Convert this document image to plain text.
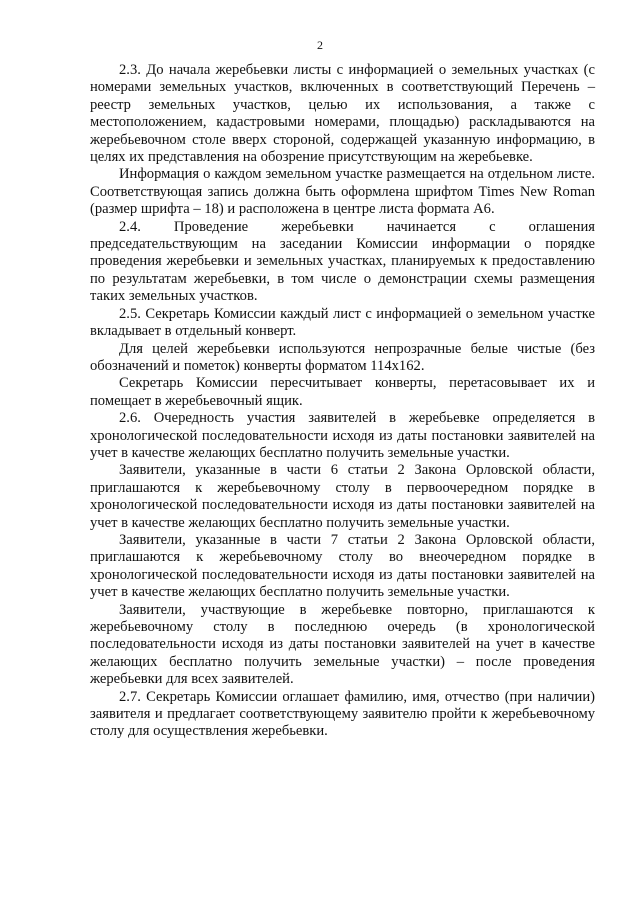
2

2.3. До начала жеребьевки листы с информацией о земельных участках (с номерами земельных участков, включенных в соответствующий Перечень – реестр земельных участков, целью их использования, а также с местоположением, кадастровыми номерами, площадью) раскладываются на жеребьевочном столе вверх стороной, содержащей указанную информацию, в целях их представления на обозрение присутствующим на жеребьевке.

Информация о каждом земельном участке размещается на отдельном листе. Соответствующая запись должна быть оформлена шрифтом Times New Roman (размер шрифта – 18) и расположена в центре листа формата А6.

2.4. Проведение жеребьевки начинается с оглашения председательствующим на заседании Комиссии информации о порядке проведения жеребьевки и земельных участках, планируемых к предоставлению по результатам жеребьевки, в том числе о демонстрации схемы размещения таких земельных участков.

2.5. Секретарь Комиссии каждый лист с информацией о земельном участке вкладывает в отдельный конверт.

Для целей жеребьевки используются непрозрачные белые чистые (без обозначений и пометок) конверты форматом 114х162.

Секретарь Комиссии пересчитывает конверты, перетасовывает их и помещает в жеребьевочный ящик.

2.6. Очередность участия заявителей в жеребьевке определяется в хронологической последовательности исходя из даты постановки заявителей на учет в качестве желающих бесплатно получить земельные участки.

Заявители, указанные в части 6 статьи 2 Закона Орловской области, приглашаются к жеребьевочному столу в первоочередном порядке в хронологической последовательности исходя из даты постановки заявителей на учет в качестве желающих бесплатно получить земельные участки.

Заявители, указанные в части 7 статьи 2 Закона Орловской области, приглашаются к жеребьевочному столу во внеочередном порядке в хронологической последовательности исходя из даты постановки заявителей на учет в качестве желающих бесплатно получить земельные участки.

Заявители, участвующие в жеребьевке повторно, приглашаются к жеребьевочному столу в последнюю очередь (в хронологической последовательности исходя из даты постановки заявителей на учет в качестве желающих бесплатно получить земельные участки) – после проведения жеребьевки для всех заявителей.

2.7. Секретарь Комиссии оглашает фамилию, имя, отчество (при наличии) заявителя и предлагает соответствующему заявителю пройти к жеребьевочному столу для осуществления жеребьевки.
